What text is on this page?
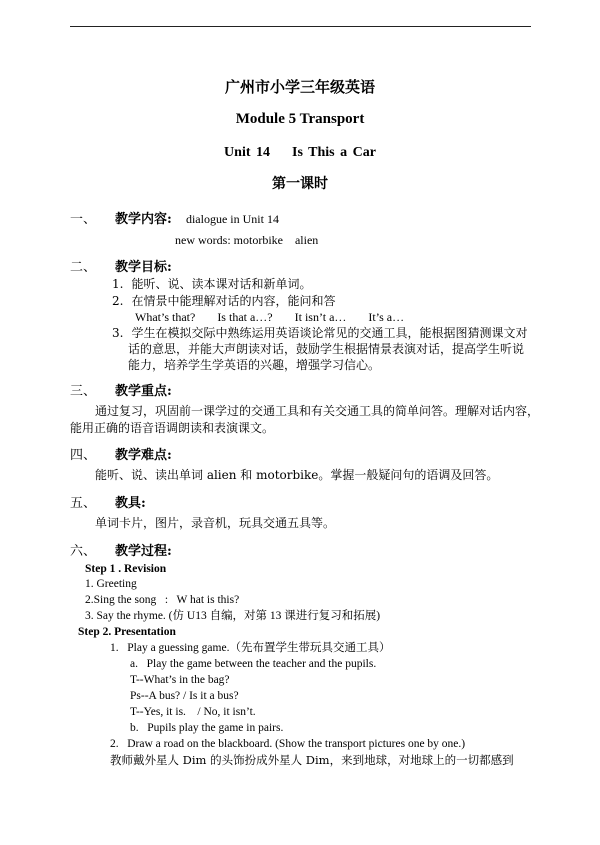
广州市小学三年级英语
Module 5 Transport
Unit 14 Is This a Car
第一课时
一、 教学内容: dialogue in Unit 14
new words: motorbike    alien
二、 教学目标:
1. 能听、说、读本课对话和新单词。
2. 在情景中能理解对话的内容，能问和答
What’s that? Is that a…? It isn’t a… It’s a…
3. 学生在模拟交际中熟练运用英语谈论常见的交通工具，能根据图猜测课文对
话的意思，并能大声朗读对话，鼓励学生根据情景表演对话，提高学生听说
能力，培养学生学英语的兴趣，增强学习信心。
三、 教学重点:
通过复习，巩固前一课学过的交通工具和有关交通工具的简单问答。理解对话内容，
能用正确的语音语调朗读和表演课文。
四、 教学难点:
能听、说、读出单词 alien 和 motorbike。掌握一般疑问句的语调及回答。
五、 教具:
单词卡片，图片，录音机，玩具交通五具等。
六、 教学过程:
Step 1 . Revision
1. Greeting
2.Sing the song   :   W hat is this?
3. Say the rhyme. (仿 U13 自编，对第 13 课进行复习和拓展)
Step 2. Presentation
1.   Play a guessing game.（先布置学生带玩具交通工具）
a.   Play the game between the teacher and the pupils.
T--What’s in the bag?
Ps--A bus? / Is it a bus?
T--Yes, it is.    / No, it isn’t.
b.   Pupils play the game in pairs.
2.   Draw a road on the blackboard. (Show the transport pictures one by one.)
教师戴外星人 Dim 的头饰扮成外星人 Dim，来到地球，对地球上的一切都感到
